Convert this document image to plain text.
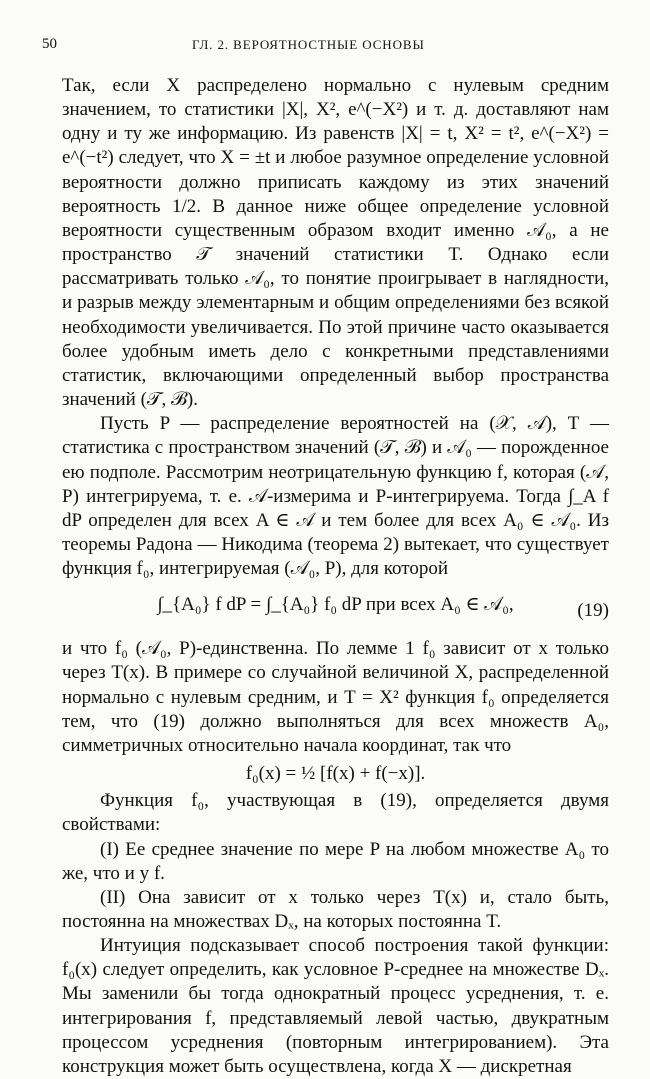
50	ГЛ. 2. ВЕРОЯТНОСТНЫЕ ОСНОВЫ

Так, если X распределено нормально с нулевым средним значением, то статистики |X|, X², e^(−X²) и т. д. доставляют нам одну и ту же информацию. Из равенств |X| = t, X² = t², e^(−X²) = e^(−t²) следует, что X = ±t и любое разумное определение условной вероятности должно приписать каждому из этих значений вероятность 1/2. В данное ниже общее определение условной вероятности существенным образом входит именно 𝒜₀, а не пространство 𝒯 значений статистики T. Однако если рассматривать только 𝒜₀, то понятие проигрывает в наглядности, и разрыв между элементарным и общим определениями без всякой необходимости увеличивается. По этой причине часто оказывается более удобным иметь дело с конкретными представлениями статистик, включающими определенный выбор пространства значений (𝒯, ℬ).

Пусть P — распределение вероятностей на (𝒳, 𝒜), T — статистика с пространством значений (𝒯, ℬ) и 𝒜₀ — порожденное ею подполе. Рассмотрим неотрицательную функцию f, которая (𝒜, P) интегрируема, т. е. 𝒜-измерима и P-интегрируема. Тогда ∫_A f dP определен для всех A ∈ 𝒜 и тем более для всех A₀ ∈ 𝒜₀. Из теоремы Радона — Никодима (теорема 2) вытекает, что существует функция f₀, интегрируемая (𝒜₀, P), для которой

∫_{A₀} f dP = ∫_{A₀} f₀ dP при всех A₀ ∈ 𝒜₀,	(19)

и что f₀ (𝒜₀, P)-единственна. По лемме 1 f₀ зависит от x только через T(x). В примере со случайной величиной X, распределенной нормально с нулевым средним, и T = X² функция f₀ определяется тем, что (19) должно выполняться для всех множеств A₀, симметричных относительно начала координат, так что

f₀(x) = ½ [f(x) + f(−x)].

Функция f₀, участвующая в (19), определяется двумя свойствами:

(I) Ее среднее значение по мере P на любом множестве A₀ то же, что и у f.

(II) Она зависит от x только через T(x) и, стало быть, постоянна на множествах Dₓ, на которых постоянна T.

Интуиция подсказывает способ построения такой функции: f₀(x) следует определить, как условное P-среднее на множестве Dₓ. Мы заменили бы тогда однократный процесс усреднения, т. е. интегрирования f, представляемый левой частью, двукратным процессом усреднения (повторным интегрированием). Эта конструкция может быть осуществлена, когда X — дискретная
